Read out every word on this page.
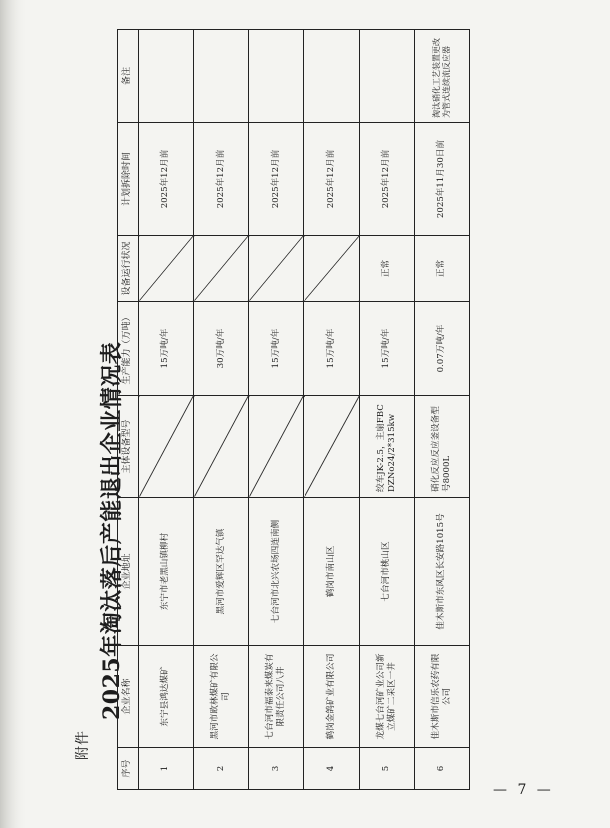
附件
2025年淘汰落后产能退出企业情况表
序号	企业名称	企业地址	主体设备型号	生产能力（万吨）	设备运行状况	计划拆除时间	备注
1	东宁县鸿达煤矿	东宁市老黑山镇柳村		15万吨/年		2025年12月前	
2	黑河市欧林煤矿有限公司	黑河市爱辉区罕达气镇		30万吨/年		2025年12月前	
3	七台河市福泰来煤炭有限责任公司八井	七台河市北兴农场四连南侧		15万吨/年		2025年12月前	
4	鹤岗金鸽矿业有限公司	鹤岗市南山区		15万吨/年		2025年12月前	
5	龙煤七台河矿业公司新立煤矿二采区一井	七台河市桃山区	绞车JK-2.5，主扇FBCDZNo24/2*315kw	15万吨/年	正常	2025年12月前	
6	佳木斯市信乐农药有限公司	佳木斯市东风区长安路1015号	硝化反应反应釜设备型号8000L	0.07万吨/年	正常	2025年11月30日前	淘汰硝化工艺装置更改为管式连续流反应器
— 7 —
